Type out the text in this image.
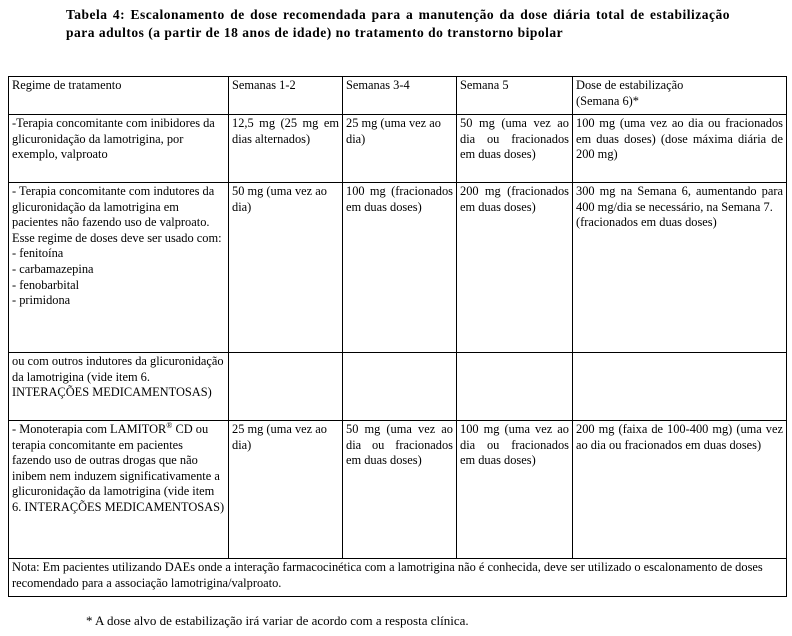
Tabela 4: Escalonamento de dose recomendada para a manutenção da dose diária total de estabilização para adultos (a partir de 18 anos de idade) no tratamento do transtorno bipolar
Regime de tratamento	Semanas 1-2	Semanas 3-4	Semana 5	Dose de estabilização
(Semana 6)*

-Terapia concomitante com inibidores da glicuronidação da lamotrigina, por exemplo, valproato	12,5 mg (25 mg em dias alternados)	25 mg (uma vez ao dia)	50 mg (uma vez ao dia ou fracionados em duas doses)	100 mg (uma vez ao dia ou fracionados em duas doses) (dose máxima diária de 200 mg)

- Terapia concomitante com indutores da glicuronidação da lamotrigina em pacientes não fazendo uso de valproato. Esse regime de doses deve ser usado com:
- fenitoína
- carbamazepina
- fenobarbital
- primidona	50 mg (uma vez ao dia)	100 mg (fracionados em duas doses)	200 mg (fracionados em duas doses)	300 mg na Semana 6, aumentando para 400 mg/dia se necessário, na Semana 7.
(fracionados em duas doses)

ou com outros indutores da glicuronidação da lamotrigina (vide item 6. INTERAÇÕES MEDICAMENTOSAS)				
- Monoterapia com LAMITOR® CD ou terapia concomitante em pacientes fazendo uso de outras drogas que não inibem nem induzem significativamente a glicuronidação da lamotrigina (vide item 6. INTERAÇÕES MEDICAMENTOSAS)	25 mg (uma vez ao dia)	50 mg (uma vez ao dia ou fracionados em duas doses)	100 mg (uma vez ao dia ou fracionados em duas doses)	200 mg (faixa de 100-400 mg) (uma vez ao dia ou fracionados em duas doses)
Nota: Em pacientes utilizando DAEs onde a interação farmacocinética com a lamotrigina não é conhecida, deve ser utilizado o escalonamento de doses recomendado para a associação lamotrigina/valproato.				
* A dose alvo de estabilização irá variar de acordo com a resposta clínica.
